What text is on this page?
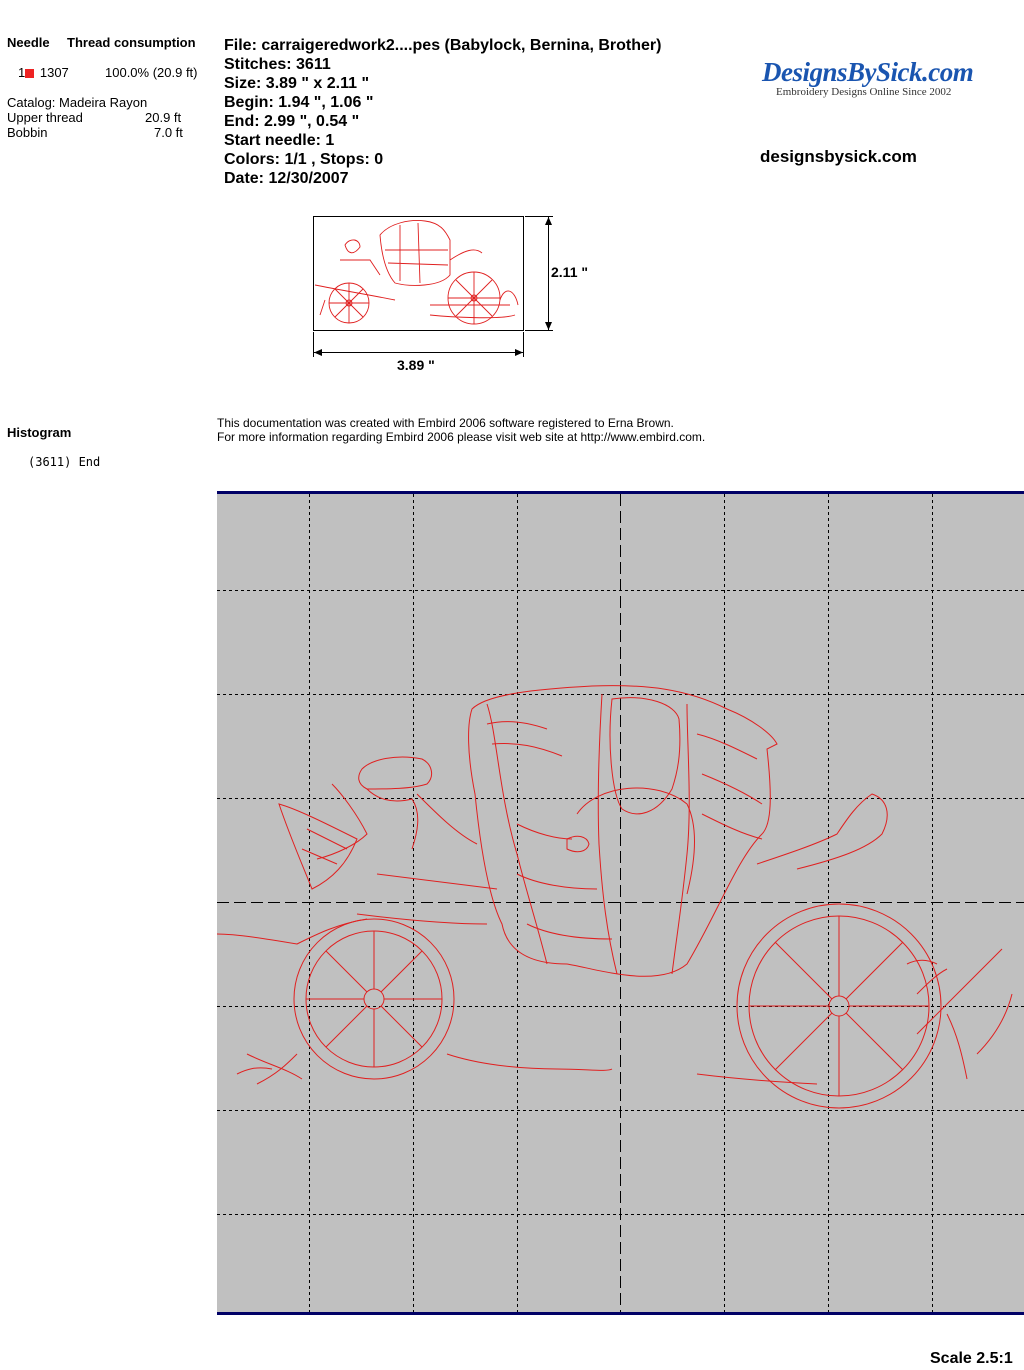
Needle Thread consumption
1 1307	100.0% (20.9 ft)
Catalog: Madeira Rayon
Upper thread	20.9 ft
Bobbin	7.0 ft
File: carraigeredwork2....pes (Babylock, Bernina, Brother)
Stitches: 3611
Size: 3.89 " x 2.11 "
Begin: 1.94 ", 1.06 "
End: 2.99 ", 0.54 "
Start needle: 1
Colors: 1/1 , Stops: 0
Date: 12/30/2007
DesignsBySick.com
Embroidery Designs Online Since 2002
designsbysick.com
2.11 "
3.89 "
Histogram
(3611) End
This documentation was created with Embird 2006 software registered to Erna Brown.
For more information regarding Embird 2006 please visit web site at http://www.embird.com.
Scale 2.5:1
